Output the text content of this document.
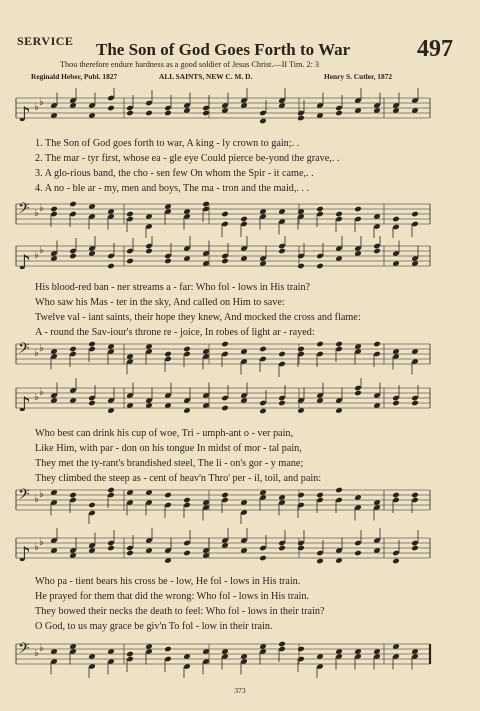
SERVICE The Son of God Goes Forth to War	497
Thou therefore endure hardness as a good soldier of Jesus Christ.—II Tim. 2: 3
Reginald Heber, Publ. 1827	ALL SAINTS, NEW C. M. D.	Henry S. Cutler, 1872
♪ ♭ ♭
1. The Son of God goes forth to war, A king - ly crown to gain;. .
2. The mar - tyr first, whose ea - gle eye Could pierce be-yond the grave,. .
3. A glo-rious band, the cho - sen few On whom the Spir - it came,. .
4. A no - ble ar - my, men and boys, The ma - tron and the maid,. . .
𝄢 ♭ ♭
♪ ♭ ♭
His blood-red ban - ner streams a - far: Who fol - lows in His train?
Who saw his Mas - ter in the sky, And called on Him to save:
Twelve val - iant saints, their hope they knew, And mocked the cross and flame:
A - round the Sav-iour's throne re - joice, In robes of light ar - rayed:
𝄢 ♭ ♭
♪ ♭ ♭
Who best can drink his cup of woe, Tri - umph-ant o - ver pain,
Like Him, with par - don on his tongue In midst of mor - tal pain,
They met the ty-rant's brandished steel, The li - on's gor - y mane;
They climbed the steep as - cent of heav'n Thro' per - il, toil, and pain:
𝄢 ♭ ♭
♪ ♭ ♭
Who pa - tient bears his cross be - low, He fol - lows in His train.
He prayed for them that did the wrong: Who fol - lows in His train.
They bowed their necks the death to feel: Who fol - lows in their train?
O God, to us may grace be giv'n To fol - low in their train.
𝄢 ♭ ♭
373
